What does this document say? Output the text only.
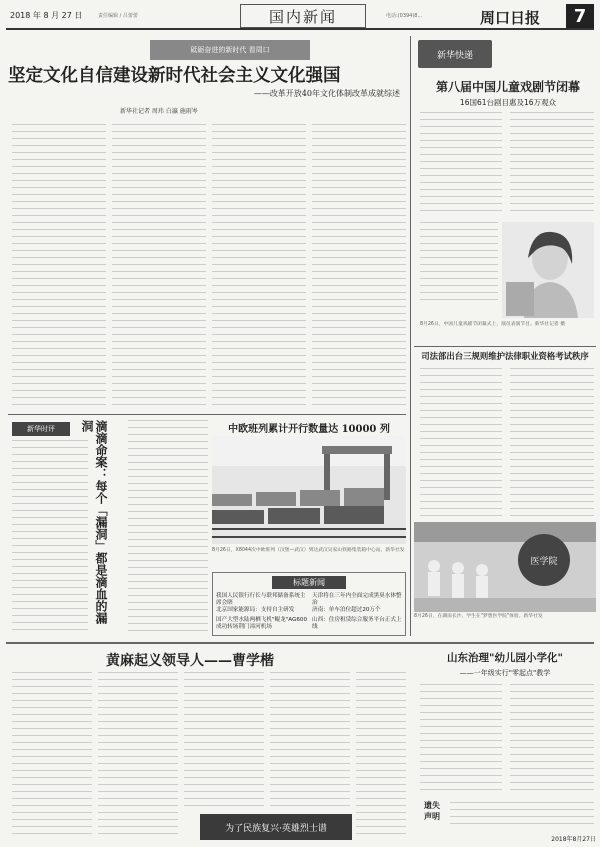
2018 年 8 月 27 日	责任编辑 / 吕蕾蕾	国内新闻	电话:(0394)8...	周口日报	7
砥砺奋进的新时代 看周口
坚定文化自信建设新时代社会主义文化强国
——改革开放40年文化体制改革成就综述
新华社记者 周玮 白瀛 施雨岑
新华快递
第八届中国儿童戏剧节闭幕
16国61台剧目惠及16万观众
8月26日，中国儿童戏剧节闭幕式上，演员表演节目。新华社记者 摄
新华时评	滴滴命案：每个「漏洞」都是滴血的漏洞	中欧班列累计开行数量达 10000 列
8月26日，X8044次中欧班列（汉堡—武汉）到达武汉吴家山铁路集装箱中心站。新华社发
标题新闻
我国人民银行行长与联邦储备系统主席会晤
北京国家能源局：支持自主研发
国产大型水陆两栖飞机"鲲龙"AG600成功转场荆门漳河机场
天津将在三年内全面完成黑臭水体整治
济南：单车泊位超过20万个
山西：住房租赁综合服务平台正式上线
司法部出台三规则维护法律职业资格考试秩序
医学院
8月26日，在湖南长沙，学生在"梦想医学院"体验。新华社发
黄麻起义领导人——曹学楷
为了民族复兴·英雄烈士谱
山东治理"幼儿园小学化"
——一年级实行"零起点"教学
遗失声明
2018年8月27日
